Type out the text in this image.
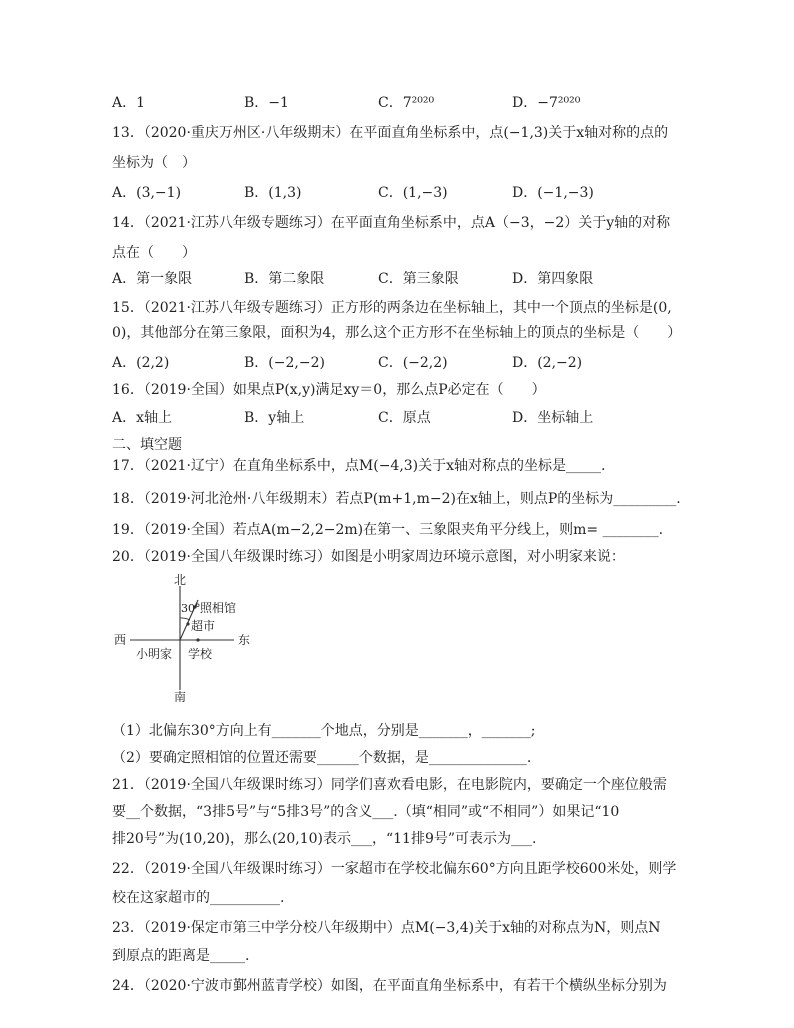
A．1	B．−1	C．7²⁰²⁰	D．−7²⁰²⁰
13．（2020·重庆万州区·八年级期末）在平面直角坐标系中，点(−1,3)关于x轴对称的点的
坐标为（　）
A．(3,−1)	B．(1,3)	C．(1,−3)	D．(−1,−3)
14．（2021·江苏八年级专题练习）在平面直角坐标系中，点A（−3，−2）关于y轴的对称
点在（　　）
A．第一象限	B．第二象限	C．第三象限	D．第四象限
15．（2021·江苏八年级专题练习）正方形的两条边在坐标轴上，其中一个顶点的坐标是(0,
0)，其他部分在第三象限，面积为4，那么这个正方形不在坐标轴上的顶点的坐标是（　　）
A．(2,2)	B．(−2,−2)	C．(−2,2)	D．(2,−2)
16．（2019·全国）如果点P(x,y)满足xy＝0，那么点P必定在（　　）
A．x轴上	B．y轴上	C．原点	D．坐标轴上
二、填空题
17．（2021·辽宁）在直角坐标系中，点M(−4,3)关于x轴对称点的坐标是_____.
18．（2019·河北沧州·八年级期末）若点P(m+1,m−2)在x轴上，则点P的坐标为_________.
19．（2019·全国）若点A(m−2,2−2m)在第一、三象限夹角平分线上，则m= ________.
20．（2019·全国八年级课时练习）如图是小明家周边环境示意图，对小明家来说：
北
南
西	东
30° 照相馆
超市
小明家 学校
（1）北偏东30°方向上有_______个地点，分别是_______，_______;
（2）要确定照相馆的位置还需要______个数据，是______________.
21．（2019·全国八年级课时练习）同学们喜欢看电影，在电影院内，要确定一个座位般需
要__个数据，“3排5号”与“5排3号”的含义___.（填“相同”或“不相同”）如果记“10
排20号”为(10,20)，那么(20,10)表示___，“11排9号”可表示为___.
22．（2019·全国八年级课时练习）一家超市在学校北偏东60°方向且距学校600米处，则学
校在这家超市的__________.
23．（2019·保定市第三中学分校八年级期中）点M(−3,4)关于x轴的对称点为N，则点N
到原点的距离是_____.
24．（2020·宁波市鄞州蓝青学校）如图，在平面直角坐标系中，有若干个横纵坐标分别为
